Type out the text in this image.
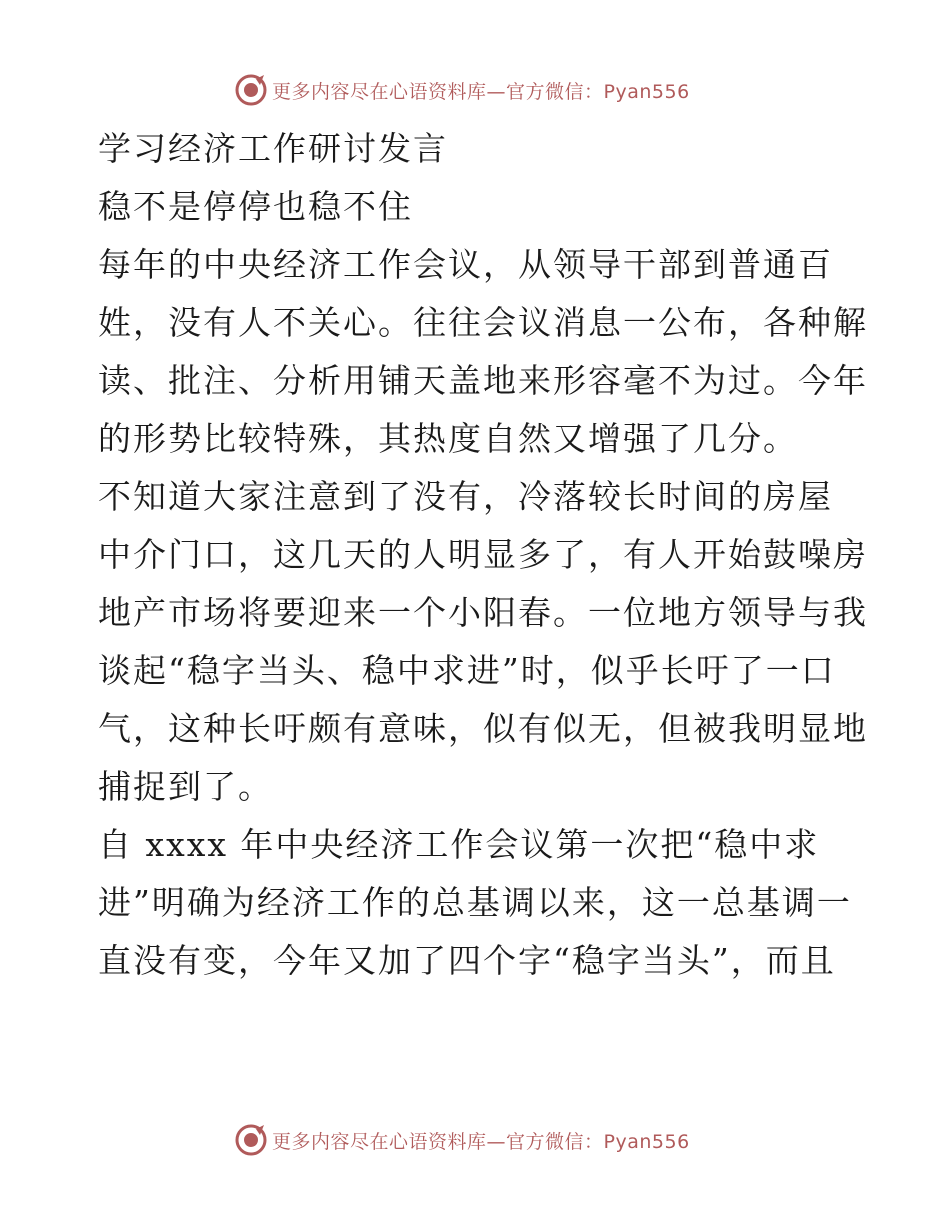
更多内容尽在心语资料库—官方微信：Pyan556
学习经济工作研讨发言
稳不是停停也稳不住
每年的中央经济工作会议，从领导干部到普通百
姓，没有人不关心。往往会议消息一公布，各种解
读、批注、分析用铺天盖地来形容毫不为过。今年
的形势比较特殊，其热度自然又增强了几分。
不知道大家注意到了没有，冷落较长时间的房屋
中介门口，这几天的人明显多了，有人开始鼓噪房
地产市场将要迎来一个小阳春。一位地方领导与我
谈起“稳字当头、稳中求进”时，似乎长吁了一口
气，这种长吁颇有意味，似有似无，但被我明显地
捕捉到了。
自 xxxx 年中央经济工作会议第一次把“稳中求
进”明确为经济工作的总基调以来，这一总基调一
直没有变，今年又加了四个字“稳字当头”，而且
更多内容尽在心语资料库—官方微信：Pyan556
